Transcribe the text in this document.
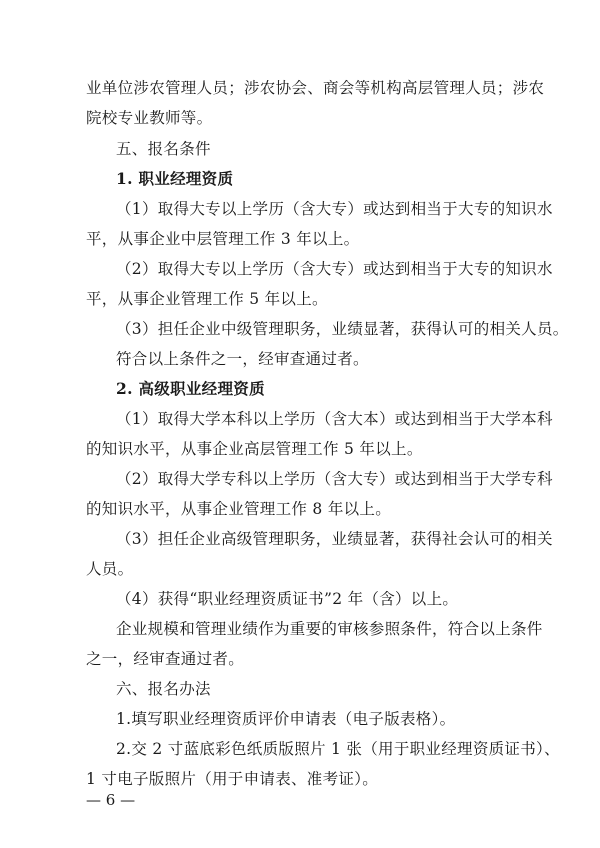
业单位涉农管理人员；涉农协会、商会等机构高层管理人员；涉农
院校专业教师等。
五、报名条件
1. 职业经理资质
（1）取得大专以上学历（含大专）或达到相当于大专的知识水
平，从事企业中层管理工作 3 年以上。
（2）取得大专以上学历（含大专）或达到相当于大专的知识水
平，从事企业管理工作 5 年以上。
（3）担任企业中级管理职务，业绩显著，获得认可的相关人员。
符合以上条件之一，经审查通过者。
2. 高级职业经理资质
（1）取得大学本科以上学历（含大本）或达到相当于大学本科
的知识水平，从事企业高层管理工作 5 年以上。
（2）取得大学专科以上学历（含大专）或达到相当于大学专科
的知识水平，从事企业管理工作 8 年以上。
（3）担任企业高级管理职务，业绩显著，获得社会认可的相关
人员。
（4）获得“职业经理资质证书”2 年（含）以上。
企业规模和管理业绩作为重要的审核参照条件，符合以上条件
之一，经审查通过者。
六、报名办法
1.填写职业经理资质评价申请表（电子版表格）。
2.交 2 寸蓝底彩色纸质版照片 1 张（用于职业经理资质证书）、
1 寸电子版照片（用于申请表、准考证）。
— 6 —
